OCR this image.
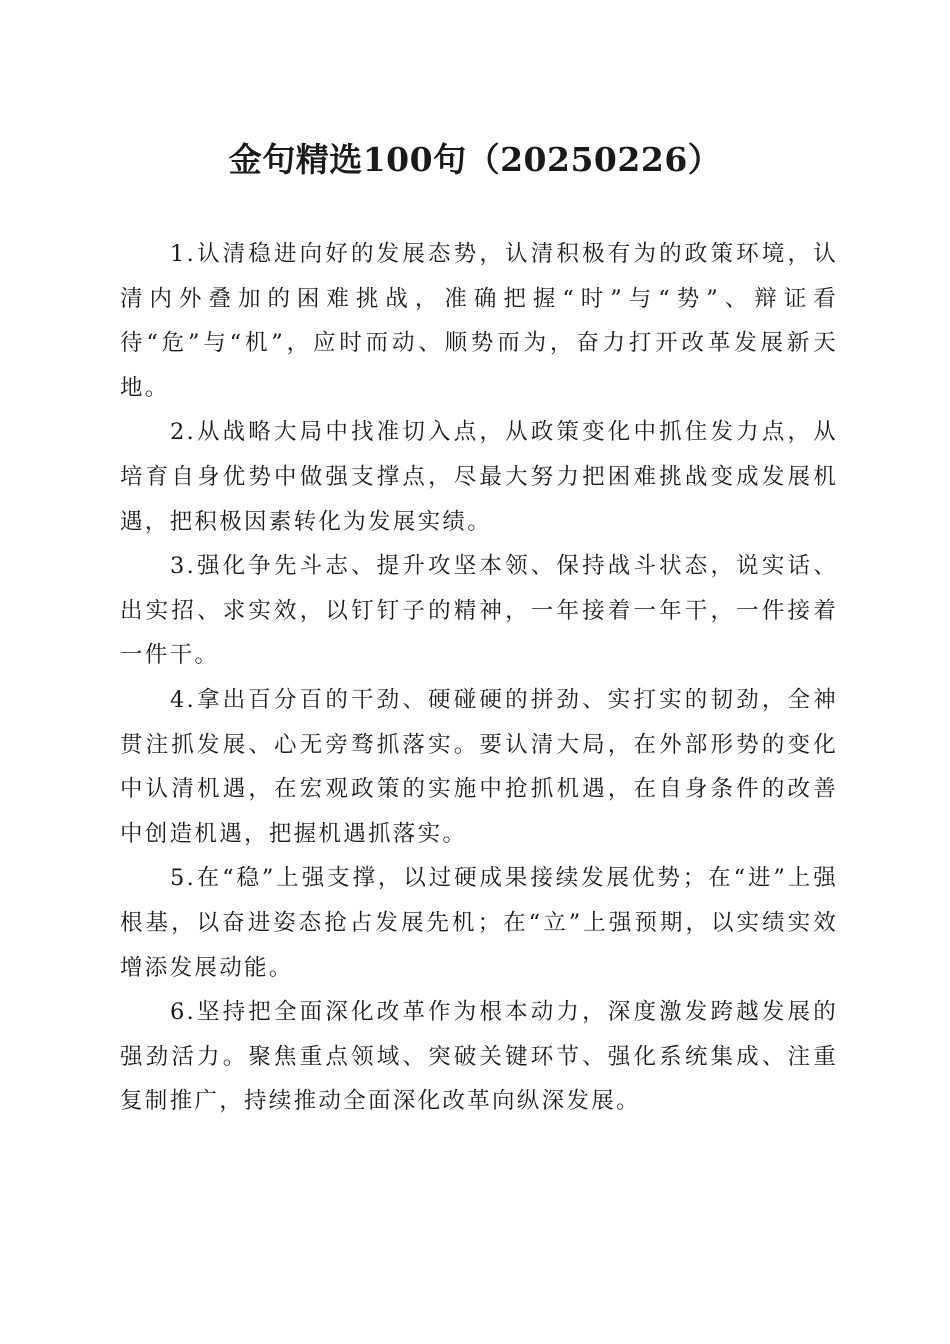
金句精选100句（20250226）

1.认清稳进向好的发展态势，认清积极有为的政策环境，认清内外叠加的困难挑战，准确把握“时”与“势”、辩证看待“危”与“机”，应时而动、顺势而为，奋力打开改革发展新天地。

2.从战略大局中找准切入点，从政策变化中抓住发力点，从培育自身优势中做强支撑点，尽最大努力把困难挑战变成发展机遇，把积极因素转化为发展实绩。

3.强化争先斗志、提升攻坚本领、保持战斗状态，说实话、出实招、求实效，以钉钉子的精神，一年接着一年干，一件接着一件干。

4.拿出百分百的干劲、硬碰硬的拼劲、实打实的韧劲，全神贯注抓发展、心无旁骛抓落实。要认清大局，在外部形势的变化中认清机遇，在宏观政策的实施中抢抓机遇，在自身条件的改善中创造机遇，把握机遇抓落实。

5.在“稳”上强支撑，以过硬成果接续发展优势；在“进”上强根基，以奋进姿态抢占发展先机；在“立”上强预期，以实绩实效增添发展动能。

6.坚持把全面深化改革作为根本动力，深度激发跨越发展的强劲活力。聚焦重点领域、突破关键环节、强化系统集成、注重复制推广，持续推动全面深化改革向纵深发展。
